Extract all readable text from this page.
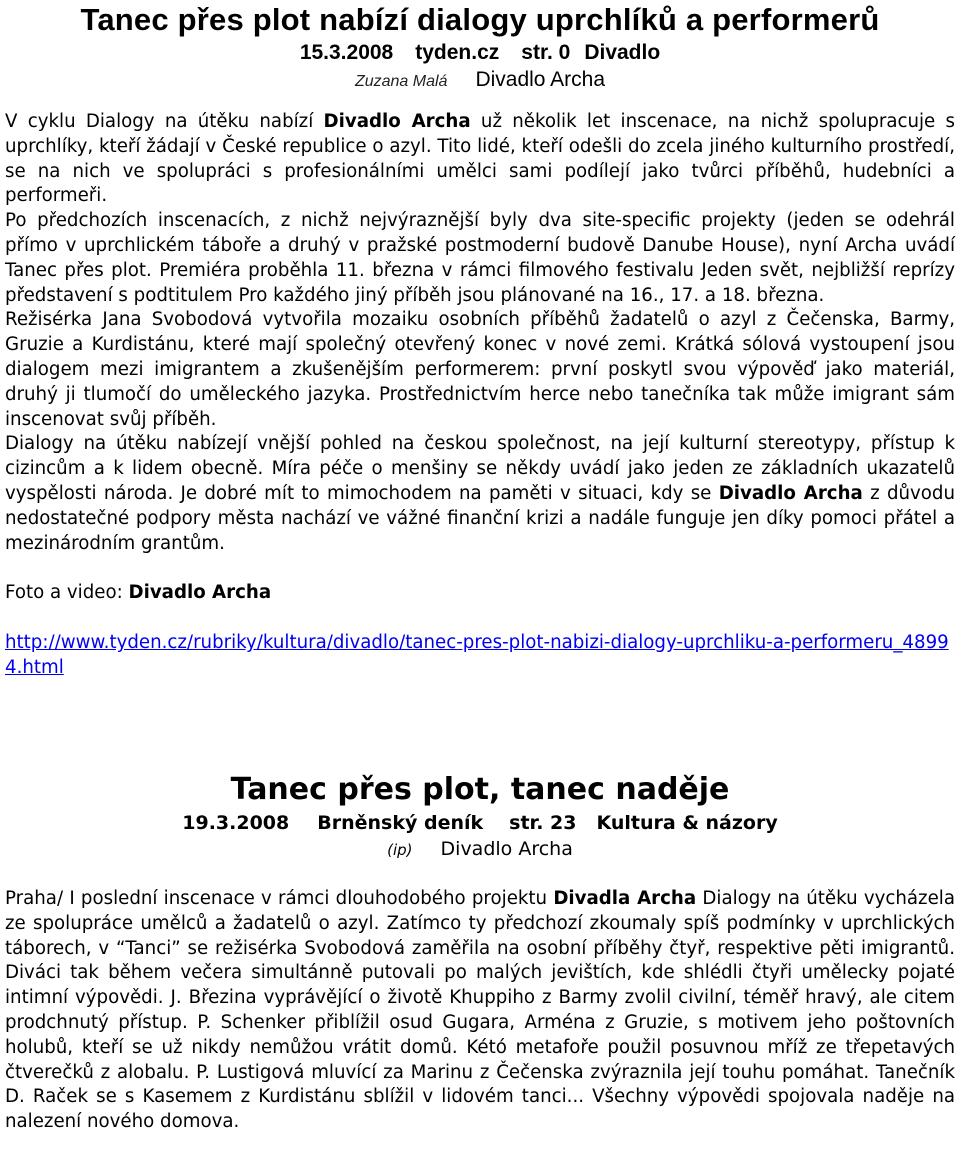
Tanec přes plot nabízí dialogy uprchlíků a performerů

15.3.2008 tyden.cz str. 0 Divadlo

Zuzana Malá Divadlo Archa

V cyklu Dialogy na útěku nabízí Divadlo Archa už několik let inscenace, na nichž spolupracuje s uprchlíky, kteří žádají v České republice o azyl. Tito lidé, kteří odešli do zcela jiného kulturního prostředí, se na nich ve spolupráci s profesionálními umělci sami podílejí jako tvůrci příběhů, hudebníci a performeři.

Po předchozích inscenacích, z nichž nejvýraznější byly dva site-specific projekty (jeden se odehrál přímo v uprchlickém táboře a druhý v pražské postmoderní budově Danube House), nyní Archa uvádí Tanec přes plot. Premiéra proběhla 11. března v rámci filmového festivalu Jeden svět, nejbližší reprízy představení s podtitulem Pro každého jiný příběh jsou plánované na 16., 17. a 18. března.

Režisérka Jana Svobodová vytvořila mozaiku osobních příběhů žadatelů o azyl z Čečenska, Barmy, Gruzie a Kurdistánu, které mají společný otevřený konec v nové zemi. Krátká sólová vystoupení jsou dialogem mezi imigrantem a zkušenějším performerem: první poskytl svou výpověď jako materiál, druhý ji tlumočí do uměleckého jazyka. Prostřednictvím herce nebo tanečníka tak může imigrant sám inscenovat svůj příběh.

Dialogy na útěku nabízejí vnější pohled na českou společnost, na její kulturní stereotypy, přístup k cizincům a k lidem obecně. Míra péče o menšiny se někdy uvádí jako jeden ze základních ukazatelů vyspělosti národa. Je dobré mít to mimochodem na paměti v situaci, kdy se Divadlo Archa z důvodu nedostatečné podpory města nachází ve vážné finanční krizi a nadále funguje jen díky pomoci přátel a mezinárodním grantům.

Foto a video: Divadlo Archa

http://www.tyden.cz/rubriky/kultura/divadlo/tanec-pres-plot-nabizi-dialogy-uprchliku-a-performeru_48994.html
Tanec přes plot, tanec naděje

19.3.2008 Brněnský deník str. 23 Kultura & názory

(ip) Divadlo Archa

Praha/ I poslední inscenace v rámci dlouhodobého projektu Divadla Archa Dialogy na útěku vycházela ze spolupráce umělců a žadatelů o azyl. Zatímco ty předchozí zkoumaly spíš podmínky v uprchlických táborech, v “Tanci” se režisérka Svobodová zaměřila na osobní příběhy čtyř, respektive pěti imigrantů. Diváci tak během večera simultánně putovali po malých jevištích, kde shlédli čtyři umělecky pojaté intimní výpovědi. J. Březina vyprávějící o životě Khuppiho z Barmy zvolil civilní, téměř hravý, ale citem prodchnutý přístup. P. Schenker přiblížil osud Gugara, Arména z Gruzie, s motivem jeho poštovních holubů, kteří se už nikdy nemůžou vrátit domů. Kétó metafoře použil posuvnou mříž ze třepetavých čtverečků z alobalu. P. Lustigová mluvící za Marinu z Čečenska zvýraznila její touhu pomáhat. Tanečník D. Raček se s Kasemem z Kurdistánu sblížil v lidovém tanci... Všechny výpovědi spojovala naděje na nalezení nového domova.
